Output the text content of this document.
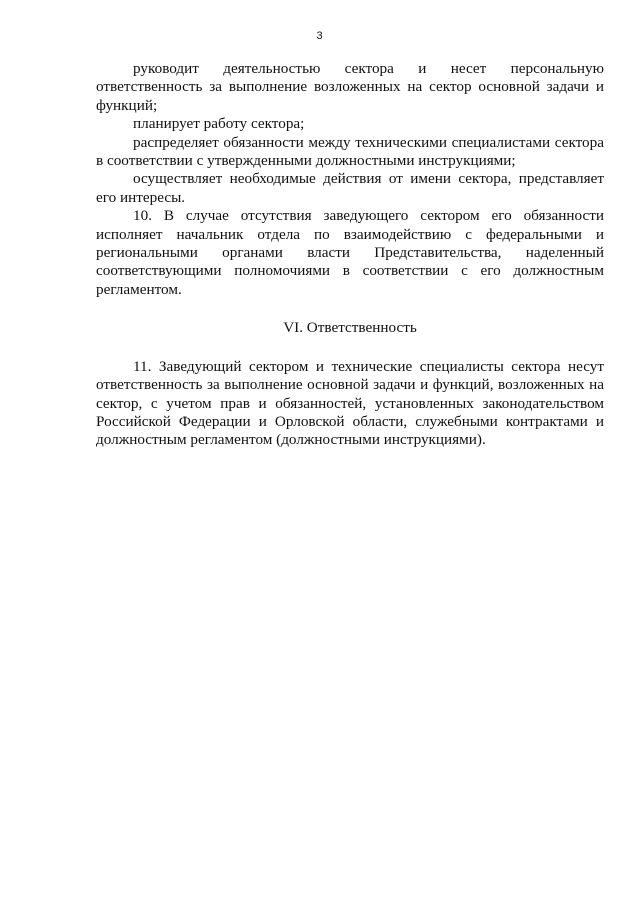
3

руководит деятельностью сектора и несет персональную ответственность за выполнение возложенных на сектор основной задачи и функций;

планирует работу сектора;

распределяет обязанности между техническими специалистами сектора в соответствии с утвержденными должностными инструкциями;

осуществляет необходимые действия от имени сектора, представляет его интересы.

10. В случае отсутствия заведующего сектором его обязанности исполняет начальник отдела по взаимодействию с федеральными и региональными органами власти Представительства, наделенный соответствующими полномочиями в соответствии с его должностным регламентом.

VI. Ответственность

11. Заведующий сектором и технические специалисты сектора несут ответственность за выполнение основной задачи и функций, возложенных на сектор, с учетом прав и обязанностей, установленных законодательством Российской Федерации и Орловской области, служебными контрактами и должностным регламентом (должностными инструкциями).
